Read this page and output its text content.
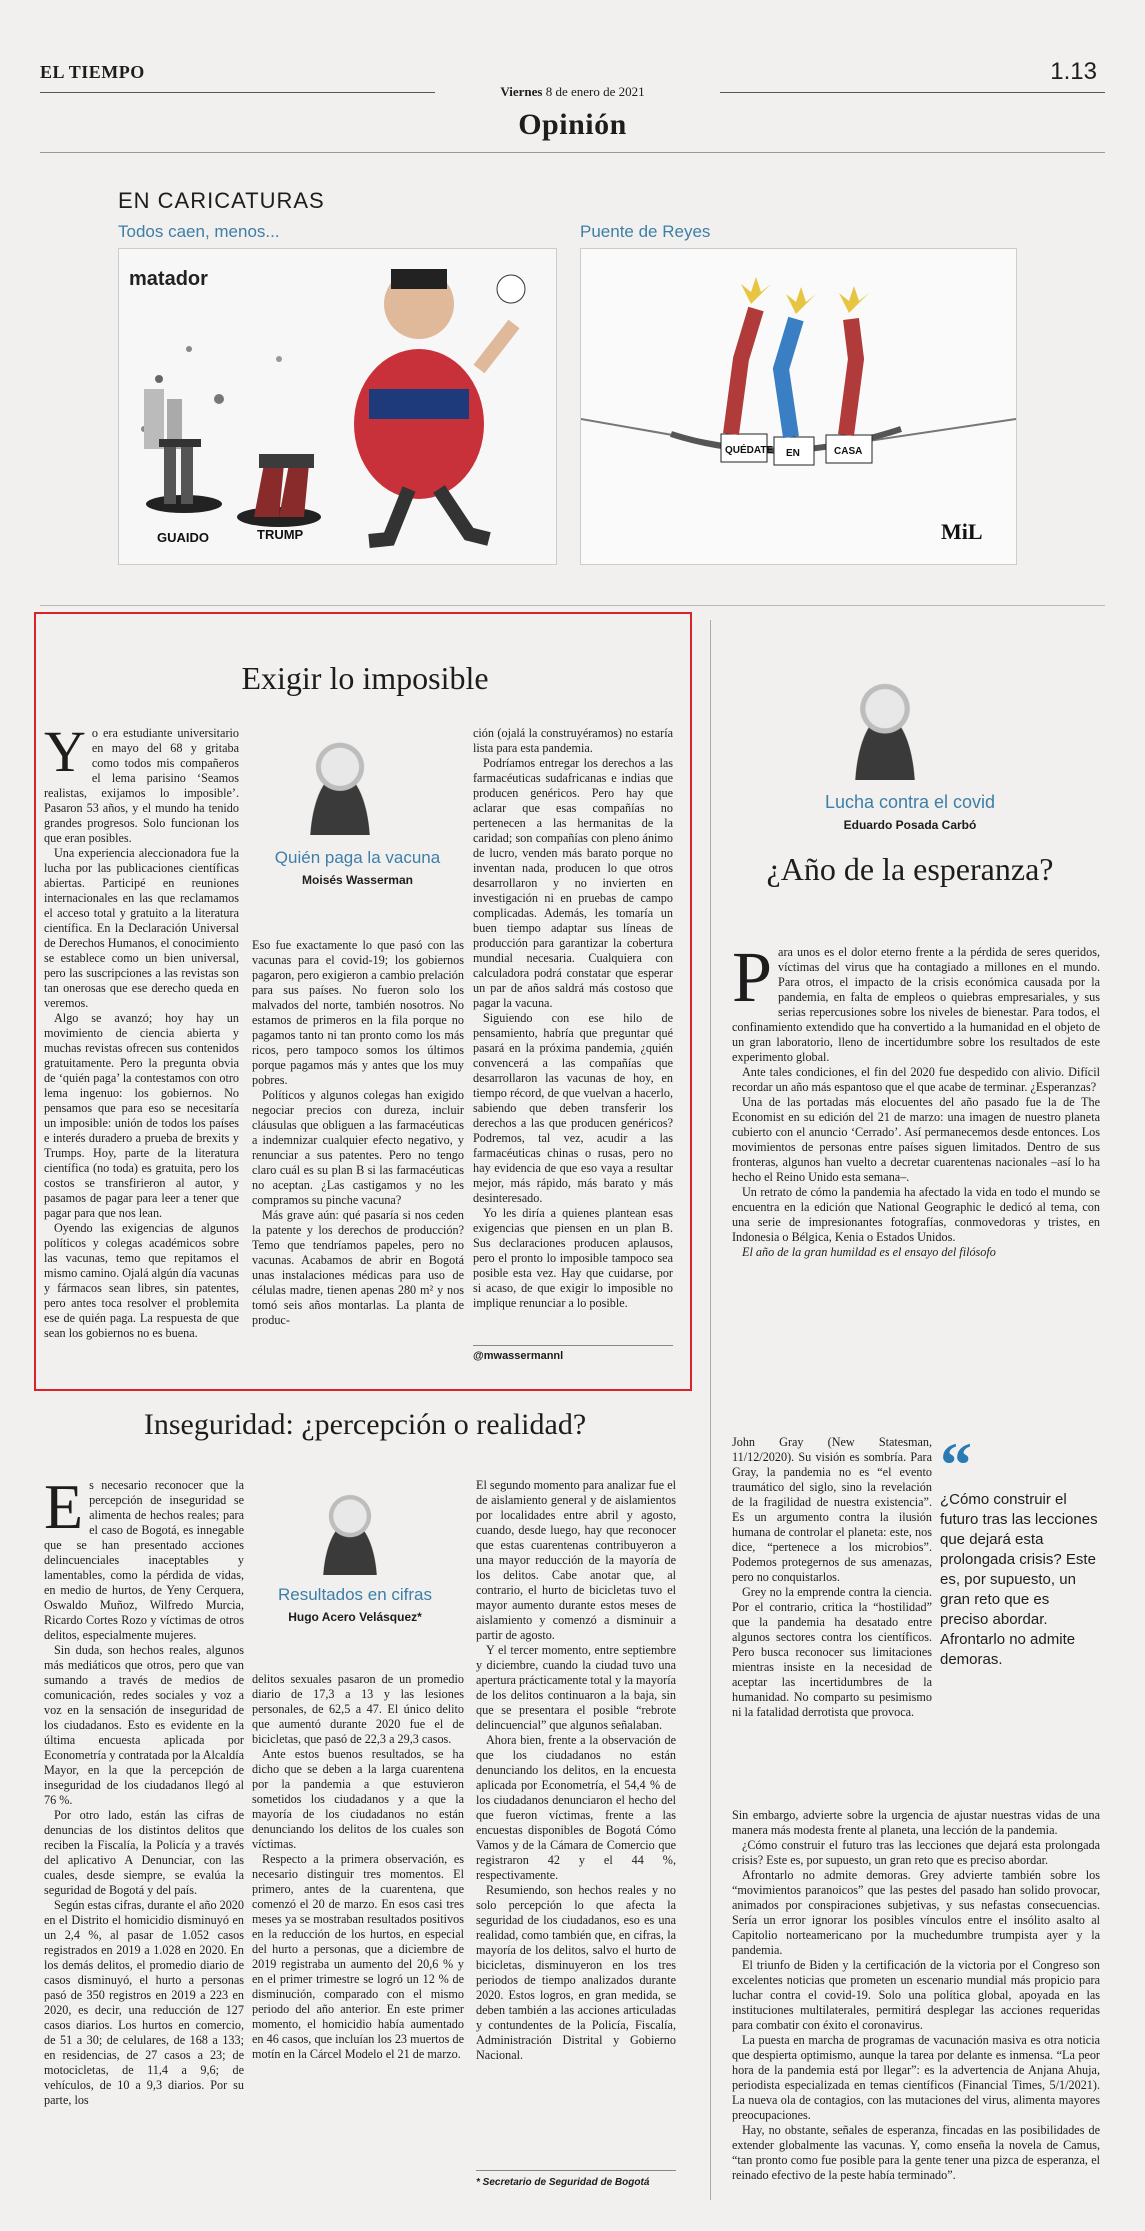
EL TIEMPO	1.13
Viernes 8 de enero de 2021
Opinión
EN CARICATURAS
Todos caen, menos...	Puente de Reyes
matador
GUAIDO	TRUMP
QUÉDATE EN	CASA
MiL
Exigir lo imposible
Y o era estudiante universitario en mayo del 68 y gritaba como todos mis compañeros el lema parisino ‘Seamos realistas, exijamos lo imposible’. Pasaron 53 años, y el mundo ha tenido grandes progresos. Solo funcionan los que eran posibles.

Una experiencia aleccionadora fue la lucha por las publicaciones científicas abiertas. Participé en reuniones internacionales en las que reclamamos el acceso total y gratuito a la literatura científica. En la Declaración Universal de Derechos Humanos, el conocimiento se establece como un bien universal, pero las suscripciones a las revistas son tan onerosas que ese derecho queda en veremos.

Algo se avanzó; hoy hay un movimiento de ciencia abierta y muchas revistas ofrecen sus contenidos gratuitamente. Pero la pregunta obvia de ‘quién paga’ la contestamos con otro lema ingenuo: los gobiernos. No pensamos que para eso se necesitaría un imposible: unión de todos los países e interés duradero a prueba de brexits y Trumps. Hoy, parte de la literatura científica (no toda) es gratuita, pero los costos se transfirieron al autor, y pasamos de pagar para leer a tener que pagar para que nos lean.

Oyendo las exigencias de algunos políticos y colegas académicos sobre las vacunas, temo que repitamos el mismo camino. Ojalá algún día vacunas y fármacos sean libres, sin patentes, pero antes toca resolver el problemita ese de quién paga. La respuesta de que sean los gobiernos no es buena.

Quién paga la vacuna
Moisés Wasserman

Eso fue exactamente lo que pasó con las vacunas para el covid-19; los gobiernos pagaron, pero exigieron a cambio prelación para sus países. No fueron solo los malvados del norte, también nosotros. No estamos de primeros en la fila porque no pagamos tanto ni tan pronto como los más ricos, pero tampoco somos los últimos porque pagamos más y antes que los muy pobres.

Políticos y algunos colegas han exigido negociar precios con dureza, incluir cláusulas que obliguen a las farmacéuticas a indemnizar cualquier efecto negativo, y renunciar a sus patentes. Pero no tengo claro cuál es su plan B si las farmacéuticas no aceptan. ¿Las castigamos y no les compramos su pinche vacuna?

Más grave aún: qué pasaría si nos ceden la patente y los derechos de producción? Temo que tendríamos papeles, pero no vacunas. Acabamos de abrir en Bogotá unas instalaciones médicas para uso de células madre, tienen apenas 280 m² y nos tomó seis años montarlas. La planta de produc-

ción (ojalá la construyéramos) no estaría lista para esta pandemia.

Podríamos entregar los derechos a las farmacéuticas sudafricanas e indias que producen genéricos. Pero hay que aclarar que esas compañías no pertenecen a las hermanitas de la caridad; son compañías con pleno ánimo de lucro, venden más barato porque no inventan nada, producen lo que otros desarrollaron y no invierten en investigación ni en pruebas de campo complicadas. Además, les tomaría un buen tiempo adaptar sus líneas de producción para garantizar la cobertura mundial necesaria. Cualquiera con calculadora podrá constatar que esperar un par de años saldrá más costoso que pagar la vacuna.

Siguiendo con ese hilo de pensamiento, habría que preguntar qué pasará en la próxima pandemia, ¿quién convencerá a las compañías que desarrollaron las vacunas de hoy, en tiempo récord, de que vuelvan a hacerlo, sabiendo que deben transferir los derechos a las que producen genéricos? Podremos, tal vez, acudir a las farmacéuticas chinas o rusas, pero no hay evidencia de que eso vaya a resultar mejor, más rápido, más barato y más desinteresado.

Yo les diría a quienes plantean esas exigencias que piensen en un plan B. Sus declaraciones producen aplausos, pero el pronto lo imposible tampoco sea posible esta vez. Hay que cuidarse, por si acaso, de que exigir lo imposible no implique renunciar a lo posible.

@mwassermannl
Inseguridad: ¿percepción o realidad?
E s necesario reconocer que la percepción de inseguridad se alimenta de hechos reales; para el caso de Bogotá, es innegable que se han presentado acciones delincuenciales inaceptables y lamentables, como la pérdida de vidas, en medio de hurtos, de Yeny Cerquera, Oswaldo Muñoz, Wilfredo Murcia, Ricardo Cortes Rozo y víctimas de otros delitos, especialmente mujeres.

Sin duda, son hechos reales, algunos más mediáticos que otros, pero que van sumando a través de medios de comunicación, redes sociales y voz a voz en la sensación de inseguridad de los ciudadanos. Esto es evidente en la última encuesta aplicada por Econometría y contratada por la Alcaldía Mayor, en la que la percepción de inseguridad de los ciudadanos llegó al 76 %.

Por otro lado, están las cifras de denuncias de los distintos delitos que reciben la Fiscalía, la Policía y a través del aplicativo A Denunciar, con las cuales, desde siempre, se evalúa la seguridad de Bogotá y del país.

Según estas cifras, durante el año 2020 en el Distrito el homicidio disminuyó en un 2,4 %, al pasar de 1.052 casos registrados en 2019 a 1.028 en 2020. En los demás delitos, el promedio diario de casos disminuyó, el hurto a personas pasó de 350 registros en 2019 a 223 en 2020, es decir, una reducción de 127 casos diarios. Los hurtos en comercio, de 51 a 30; de celulares, de 168 a 133; en residencias, de 27 casos a 23; de motocicletas, de 11,4 a 9,6; de vehículos, de 10 a 9,3 diarios. Por su parte, los

Resultados en cifras
Hugo Acero Velásquez*

delitos sexuales pasaron de un promedio diario de 17,3 a 13 y las lesiones personales, de 62,5 a 47. El único delito que aumentó durante 2020 fue el de bicicletas, que pasó de 22,3 a 29,3 casos.

Ante estos buenos resultados, se ha dicho que se deben a la larga cuarentena por la pandemia a que estuvieron sometidos los ciudadanos y a que la mayoría de los ciudadanos no están denunciando los delitos de los cuales son víctimas.

Respecto a la primera observación, es necesario distinguir tres momentos. El primero, antes de la cuarentena, que comenzó el 20 de marzo. En esos casi tres meses ya se mostraban resultados positivos en la reducción de los hurtos, en especial del hurto a personas, que a diciembre de 2019 registraba un aumento del 20,6 % y en el primer trimestre se logró un 12 % de disminución, comparado con el mismo periodo del año anterior. En este primer momento, el homicidio había aumentado en 46 casos, que incluían los 23 muertos de motín en la Cárcel Modelo el 21 de marzo.

El segundo momento para analizar fue el de aislamiento general y de aislamientos por localidades entre abril y agosto, cuando, desde luego, hay que reconocer que estas cuarentenas contribuyeron a una mayor reducción de la mayoría de los delitos. Cabe anotar que, al contrario, el hurto de bicicletas tuvo el mayor aumento durante estos meses de aislamiento y comenzó a disminuir a partir de agosto.

Y el tercer momento, entre septiembre y diciembre, cuando la ciudad tuvo una apertura prácticamente total y la mayoría de los delitos continuaron a la baja, sin que se presentara el posible “rebrote delincuencial” que algunos señalaban.

Ahora bien, frente a la observación de que los ciudadanos no están denunciando los delitos, en la encuesta aplicada por Econometría, el 54,4 % de los ciudadanos denunciaron el hecho del que fueron víctimas, frente a las encuestas disponibles de Bogotá Cómo Vamos y de la Cámara de Comercio que registraron 42 y el 44 %, respectivamente.

Resumiendo, son hechos reales y no solo percepción lo que afecta la seguridad de los ciudadanos, eso es una realidad, como también que, en cifras, la mayoría de los delitos, salvo el hurto de bicicletas, disminuyeron en los tres periodos de tiempo analizados durante 2020. Estos logros, en gran medida, se deben también a las acciones articuladas y contundentes de la Policía, Fiscalía, Administración Distrital y Gobierno Nacional.

* Secretario de Seguridad de Bogotá
Lucha contra el covid
Eduardo Posada Carbó
¿Año de la esperanza?
P ara unos es el dolor eterno frente a la pérdida de seres queridos, víctimas del virus que ha contagiado a millones en el mundo. Para otros, el impacto de la crisis económica causada por la pandemia, en falta de empleos o quiebras empresariales, y sus serias repercusiones sobre los niveles de bienestar. Para todos, el confinamiento extendido que ha convertido a la humanidad en el objeto de un gran laboratorio, lleno de incertidumbre sobre los resultados de este experimento global.

Ante tales condiciones, el fin del 2020 fue despedido con alivio. Difícil recordar un año más espantoso que el que acabe de terminar. ¿Esperanzas?

Una de las portadas más elocuentes del año pasado fue la de The Economist en su edición del 21 de marzo: una imagen de nuestro planeta cubierto con el anuncio ‘Cerrado’. Así permanecemos desde entonces. Los movimientos de personas entre países siguen limitados. Dentro de sus fronteras, algunos han vuelto a decretar cuarentenas nacionales –así lo ha hecho el Reino Unido esta semana–.

Un retrato de cómo la pandemia ha afectado la vida en todo el mundo se encuentra en la edición que National Geographic le dedicó al tema, con una serie de impresionantes fotografías, conmovedoras y tristes, en Indonesia o Bélgica, Kenia o Estados Unidos.

El año de la gran humildad es el ensayo del filósofo

John Gray (New Statesman, 11/12/2020). Su visión es sombría. Para Gray, la pandemia no es “el evento traumático del siglo, sino la revelación de la fragilidad de nuestra existencia”. Es un argumento contra la ilusión humana de controlar el planeta: este, nos dice, “pertenece a los microbios”. Podemos protegernos de sus amenazas, pero no conquistarlos.

Grey no la emprende contra la ciencia. Por el contrario, critica la “hostilidad” que la pandemia ha desatado entre algunos sectores contra los científicos. Pero busca reconocer sus limitaciones mientras insiste en la necesidad de aceptar las incertidumbres de la humanidad. No comparto su pesimismo ni la fatalidad derrotista que provoca.

“
¿Cómo construir el futuro tras las lecciones que dejará esta prolongada crisis? Este es, por supuesto, un gran reto que es preciso abordar. Afrontarlo no admite demoras.

Sin embargo, advierte sobre la urgencia de ajustar nuestras vidas de una manera más modesta frente al planeta, una lección de la pandemia.

¿Cómo construir el futuro tras las lecciones que dejará esta prolongada crisis? Este es, por supuesto, un gran reto que es preciso abordar.

Afrontarlo no admite demoras. Grey advierte también sobre los “movimientos paranoicos” que las pestes del pasado han solido provocar, animados por conspiraciones subjetivas, y sus nefastas consecuencias. Sería un error ignorar los posibles vínculos entre el insólito asalto al Capitolio norteamericano por la muchedumbre trumpista ayer y la pandemia.

El triunfo de Biden y la certificación de la victoria por el Congreso son excelentes noticias que prometen un escenario mundial más propicio para luchar contra el covid-19. Solo una política global, apoyada en las instituciones multilaterales, permitirá desplegar las acciones requeridas para combatir con éxito el coronavirus.

La puesta en marcha de programas de vacunación masiva es otra noticia que despierta optimismo, aunque la tarea por delante es inmensa. “La peor hora de la pandemia está por llegar”: es la advertencia de Anjana Ahuja, periodista especializada en temas científicos (Financial Times, 5/1/2021). La nueva ola de contagios, con las mutaciones del virus, alimenta mayores preocupaciones.

Hay, no obstante, señales de esperanza, fincadas en las posibilidades de extender globalmente las vacunas. Y, como enseña la novela de Camus, “tan pronto como fue posible para la gente tener una pizca de esperanza, el reinado efectivo de la peste había terminado”.
